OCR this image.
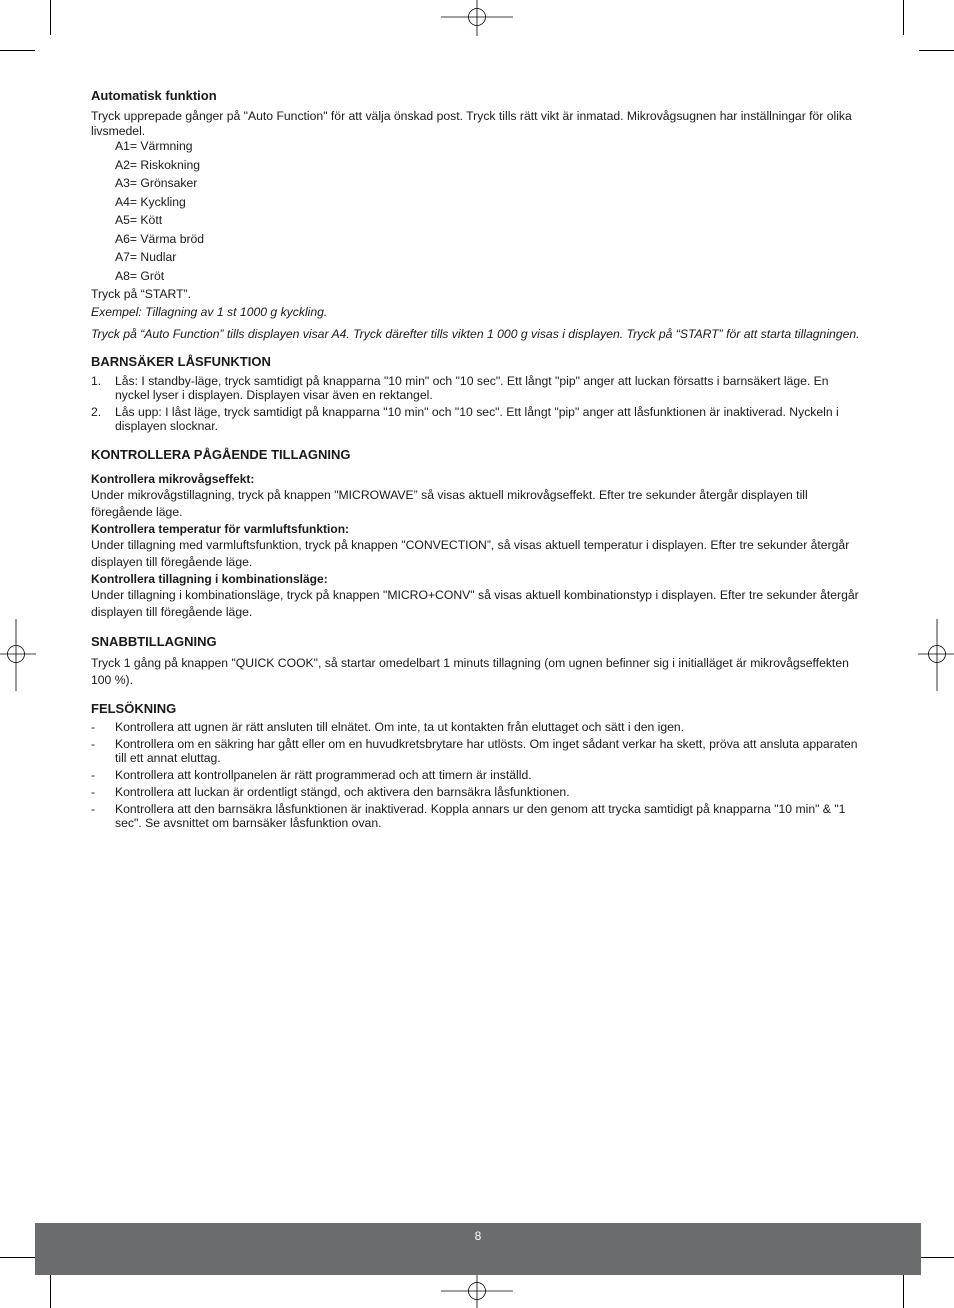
Automatisk funktion

Tryck upprepade gånger på "Auto Function" för att välja önskad post. Tryck tills rätt vikt är inmatad. Mikrovågsugnen har inställningar för olika livsmedel.

A1= Värmning
A2= Riskokning
A3= Grönsaker
A4= Kyckling
A5= Kött
A6= Värma bröd
A7= Nudlar
A8= Gröt

Tryck på “START”.

Exempel: Tillagning av 1 st 1000 g kyckling.

Tryck på “Auto Function” tills displayen visar A4. Tryck därefter tills vikten 1 000 g visas i displayen. Tryck på “START” för att starta tillagningen.

BARNSÄKER LÅSFUNKTION

1. Lås: I standby-läge, tryck samtidigt på knapparna "10 min" och "10 sec". Ett långt "pip" anger att luckan försatts i barnsäkert läge. En nyckel lyser i displayen. Displayen visar även en rektangel.
2. Lås upp: I låst läge, tryck samtidigt på knapparna "10 min" och "10 sec". Ett långt "pip" anger att låsfunktionen är inaktiverad. Nyckeln i displayen slocknar.

KONTROLLERA PÅGÅENDE TILLAGNING

Kontrollera mikrovågseffekt:

Under mikrovågstillagning, tryck på knappen "MICROWAVE” så visas aktuell mikrovågseffekt. Efter tre sekunder återgår displayen till föregående läge.

Kontrollera temperatur för varmluftsfunktion:

Under tillagning med varmluftsfunktion, tryck på knappen "CONVECTION”, så visas aktuell temperatur i displayen. Efter tre sekunder återgår displayen till föregående läge.

Kontrollera tillagning i kombinationsläge:

Under tillagning i kombinationsläge, tryck på knappen "MICRO+CONV" så visas aktuell kombinationstyp i displayen. Efter tre sekunder återgår displayen till föregående läge.

SNABBTILLAGNING

Tryck 1 gång på knappen "QUICK COOK", så startar omedelbart 1 minuts tillagning (om ugnen befinner sig i initialläget är mikrovågseffekten 100 %).

FELSÖKNING

- Kontrollera att ugnen är rätt ansluten till elnätet. Om inte, ta ut kontakten från eluttaget och sätt i den igen.
- Kontrollera om en säkring har gått eller om en huvudkretsbrytare har utlösts. Om inget sådant verkar ha skett, pröva att ansluta apparaten till ett annat eluttag.
- Kontrollera att kontrollpanelen är rätt programmerad och att timern är inställd.
- Kontrollera att luckan är ordentligt stängd, och aktivera den barnsäkra låsfunktionen.
- Kontrollera att den barnsäkra låsfunktionen är inaktiverad. Koppla annars ur den genom att trycka samtidigt på knapparna "10 min" & "1 sec". Se avsnittet om barnsäker låsfunktion ovan.
8
